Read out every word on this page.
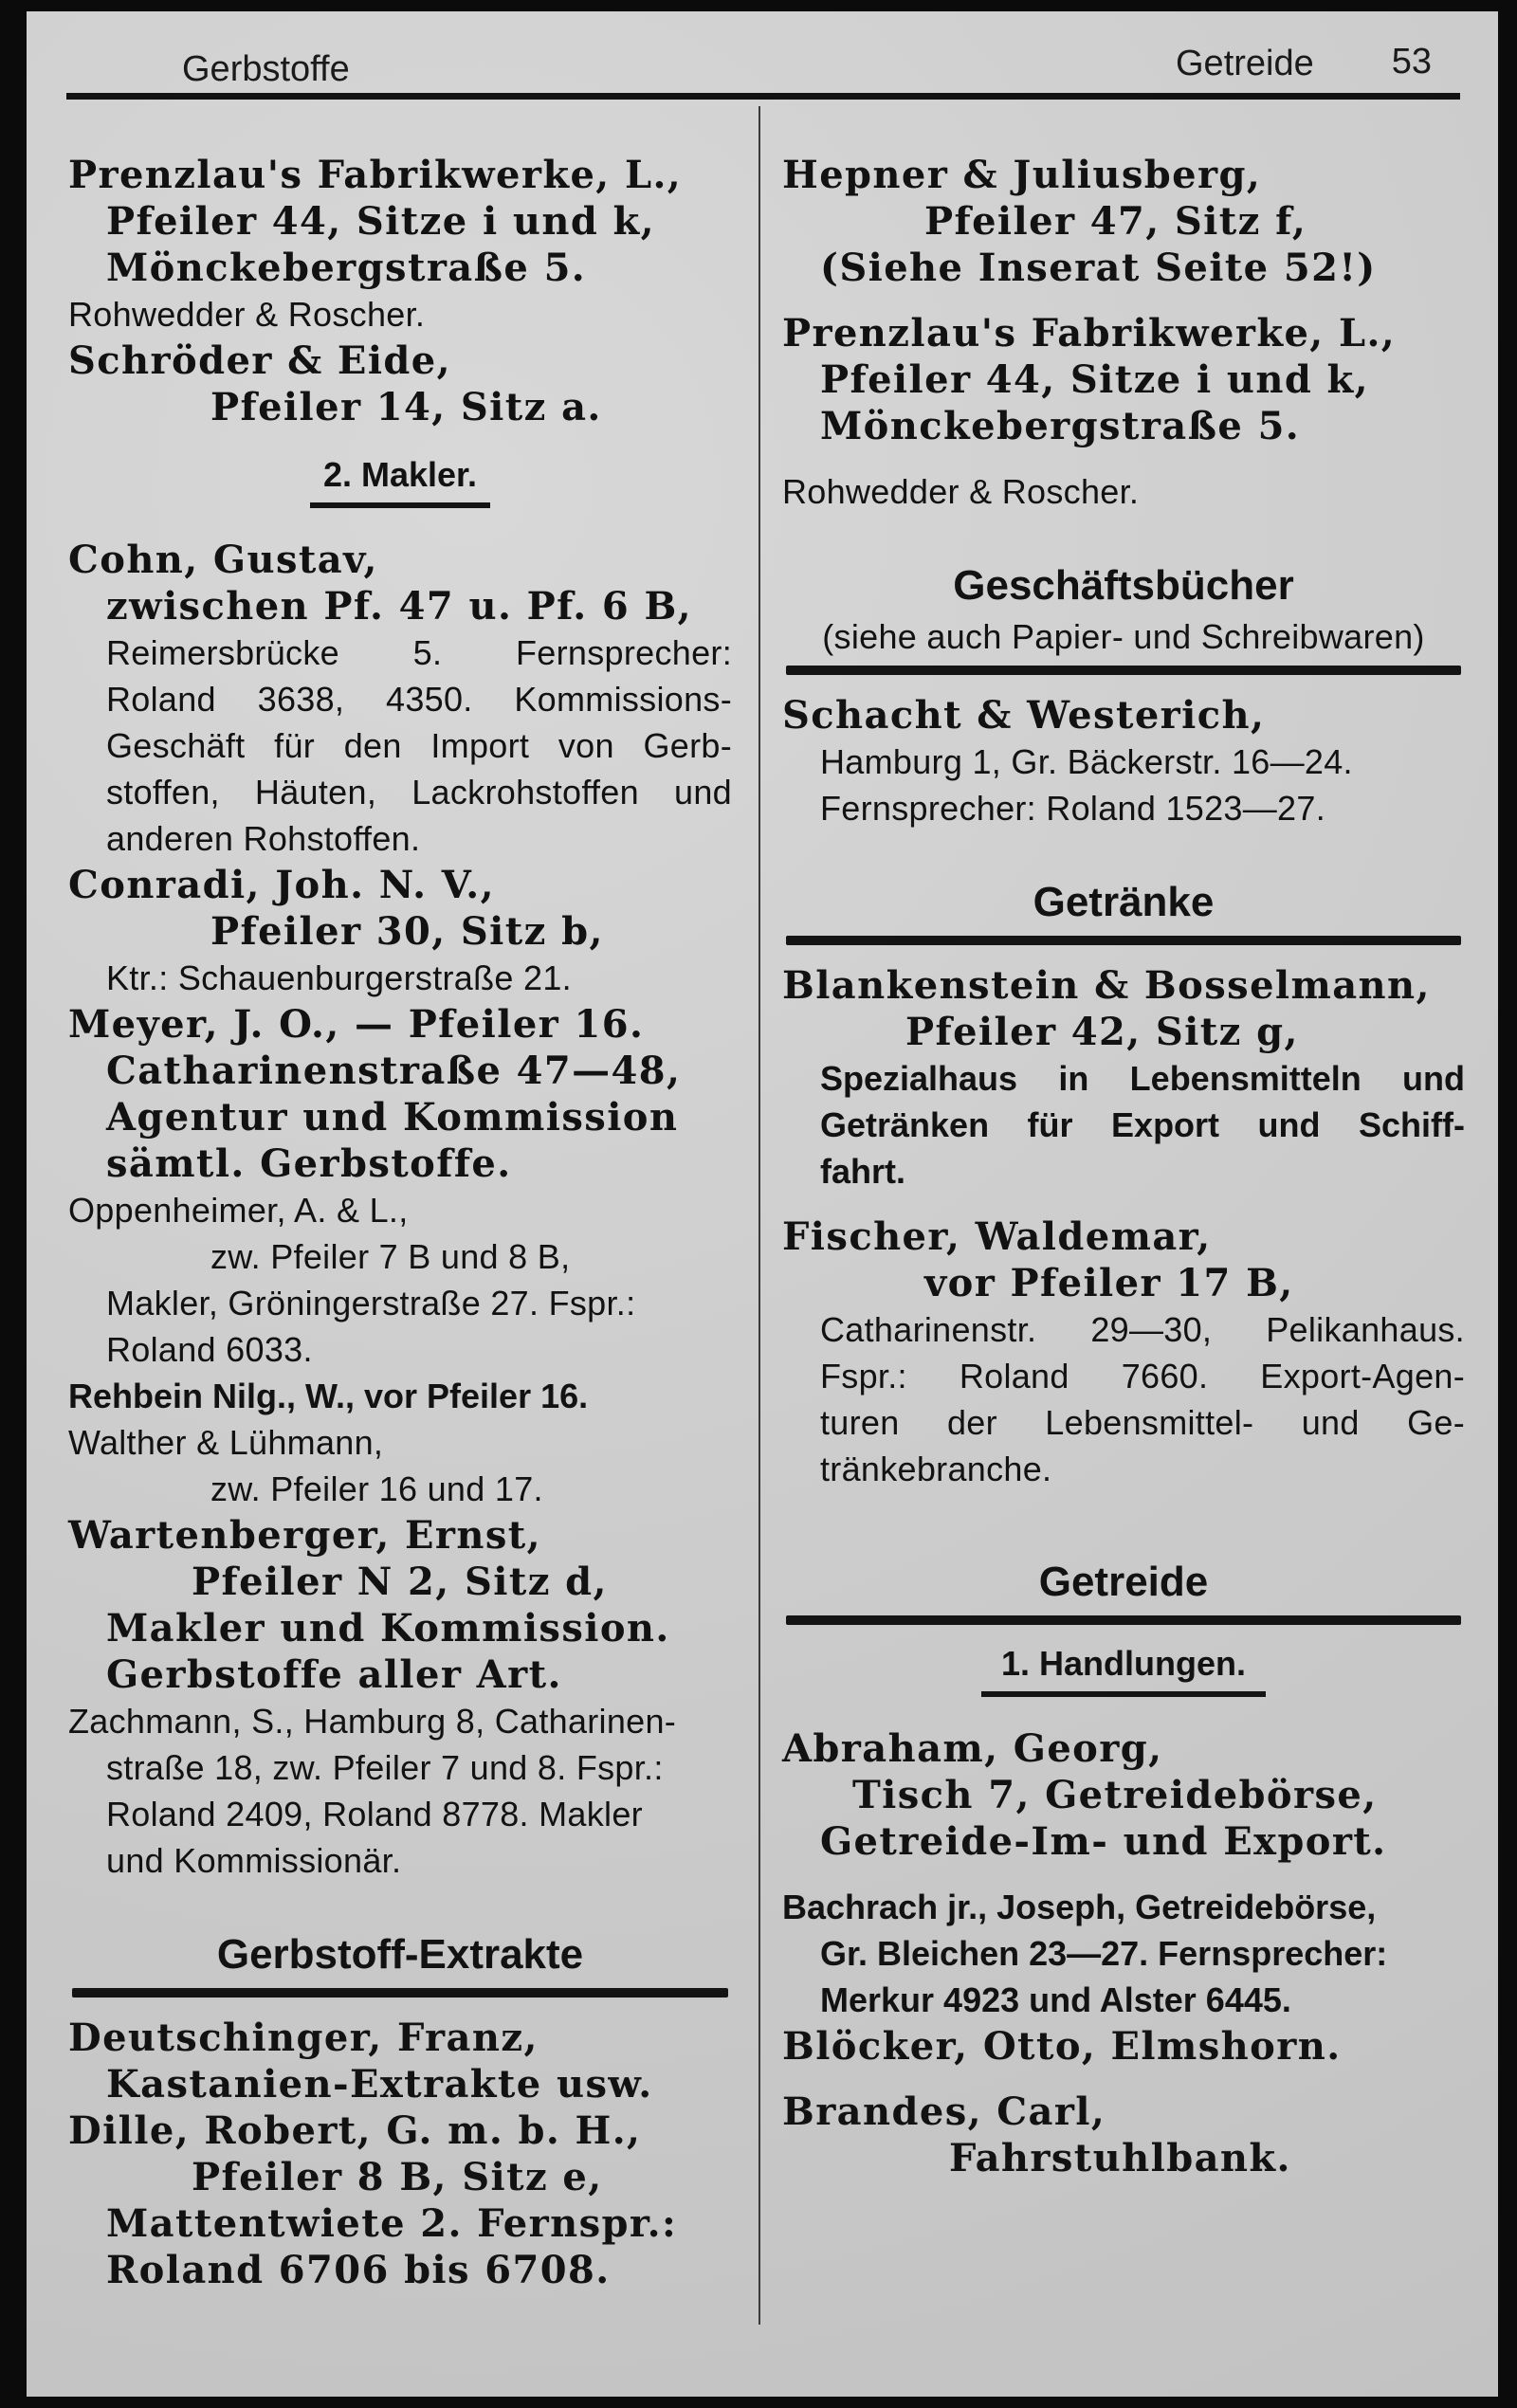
Gerbstoffe	Getreide 53
Prenzlau's Fabrikwerke, L.,
Pfeiler 44, Sitze i und k,
Mönckebergstraße 5.
Rohwedder & Roscher.
Schröder & Eide,
Pfeiler 14, Sitz a.
2. Makler.
Cohn, Gustav,
zwischen Pf. 47 u. Pf. 6 B,
Reimersbrücke 5. Fernsprecher:
Roland 3638, 4350. Kommissions-
Geschäft für den Import von Gerb-
stoffen, Häuten, Lackrohstoffen und
anderen Rohstoffen.
Conradi, Joh. N. V.,
Pfeiler 30, Sitz b,
Ktr.: Schauenburgerstraße 21.
Meyer, J. O., — Pfeiler 16.
Catharinenstraße 47—48,
Agentur und Kommission
sämtl. Gerbstoffe.
Oppenheimer, A. & L.,
zw. Pfeiler 7 B und 8 B,
Makler, Gröningerstraße 27. Fspr.:
Roland 6033.
Rehbein Nilg., W., vor Pfeiler 16.
Walther & Lühmann,
zw. Pfeiler 16 und 17.
Wartenberger, Ernst,
Pfeiler N 2, Sitz d,
Makler und Kommission.
Gerbstoffe aller Art.
Zachmann, S., Hamburg 8, Catharinen-
straße 18, zw. Pfeiler 7 und 8. Fspr.:
Roland 2409, Roland 8778. Makler
und Kommissionär.
Gerbstoff-Extrakte
Deutschinger, Franz,
Kastanien-Extrakte usw.
Dille, Robert, G. m. b. H.,
Pfeiler 8 B, Sitz e,
Mattentwiete 2. Fernspr.:
Roland 6706 bis 6708.
Hepner & Juliusberg,
Pfeiler 47, Sitz f,
(Siehe Inserat Seite 52!)
Prenzlau's Fabrikwerke, L.,
Pfeiler 44, Sitze i und k,
Mönckebergstraße 5.
Rohwedder & Roscher.
Geschäftsbücher
(siehe auch Papier- und Schreibwaren)
Schacht & Westerich,
Hamburg 1, Gr. Bäckerstr. 16—24.
Fernsprecher: Roland 1523—27.
Getränke
Blankenstein & Bosselmann,
Pfeiler 42, Sitz g,
Spezialhaus in Lebensmitteln und
Getränken für Export und Schiff-
fahrt.
Fischer, Waldemar,
vor Pfeiler 17 B,
Catharinenstr. 29—30, Pelikanhaus.
Fspr.: Roland 7660. Export-Agen-
turen der Lebensmittel- und Ge-
tränkebranche.
Getreide
1. Handlungen.
Abraham, Georg,
Tisch 7, Getreidebörse,
Getreide-Im- und Export.
Bachrach jr., Joseph, Getreidebörse,
Gr. Bleichen 23—27. Fernsprecher:
Merkur 4923 und Alster 6445.
Blöcker, Otto, Elmshorn.
Brandes, Carl,
Fahrstuhlbank.
